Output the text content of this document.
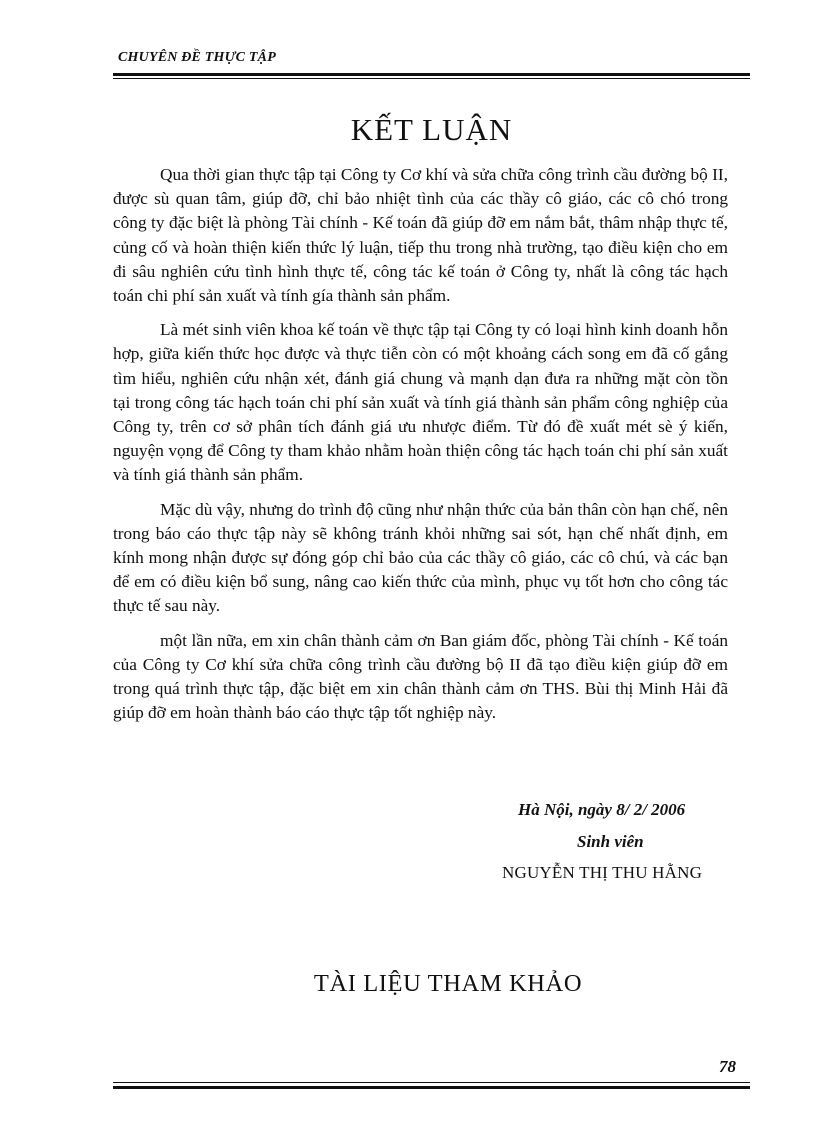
CHUYÊN ĐỀ THỰC TẬP
KẾT LUẬN

Qua thời gian thực tập tại Công ty Cơ khí và sửa chữa công trình cầu đường bộ II, được sù quan tâm, giúp đỡ, chỉ bảo nhiệt tình của các thầy cô giáo, các cô chó trong công ty đặc biệt là phòng Tài chính - Kế toán đã giúp đỡ em nắm bắt, thâm nhập thực tế, củng cố và hoàn thiện kiến thức lý luận, tiếp thu trong nhà trường, tạo điều kiện cho em đi sâu nghiên cứu tình hình thực tế, công tác kế toán ở Công ty, nhất là công tác hạch toán chi phí sản xuất và tính gía thành sản phẩm.

Là mét sinh viên khoa kế toán về thực tập tại Công ty có loại hình kinh doanh hỗn hợp, giữa kiến thức học được và thực tiễn còn có một khoảng cách song em đã cố gắng tìm hiểu, nghiên cứu nhận xét, đánh giá chung và mạnh dạn đưa ra những mặt còn tồn tại trong công tác hạch toán chi phí sản xuất và tính giá thành sản phẩm công nghiệp của Công ty, trên cơ sở phân tích đánh giá ưu nhược điểm. Từ đó đề xuất mét sè ý kiến, nguyện vọng để Công ty tham khảo nhằm hoàn thiện công tác hạch toán chi phí sản xuất và tính giá thành sản phẩm.

Mặc dù vậy, nhưng do trình độ cũng như nhận thức của bản thân còn hạn chế, nên trong báo cáo thực tập này sẽ không tránh khỏi những sai sót, hạn chế nhất định, em kính mong nhận được sự đóng góp chỉ bảo của các thầy cô giáo, các cô chú, và các bạn để em có điều kiện bổ sung, nâng cao kiến thức của mình, phục vụ tốt hơn cho công tác thực tế sau này.

một lần nữa, em xin chân thành cảm ơn Ban giám đốc, phòng Tài chính - Kế toán của Công ty Cơ khí sửa chữa công trình cầu đường bộ II đã tạo điều kiện giúp đỡ em trong quá trình thực tập, đặc biệt em xin chân thành cảm ơn THS. Bùi thị Minh Hải đã giúp đỡ em hoàn thành báo cáo thực tập tốt nghiệp này.

Hà Nội, ngày 8/ 2/ 2006
Sinh viên
NGUYỄN THỊ THU HẰNG
TÀI LIỆU THAM KHẢO
78
